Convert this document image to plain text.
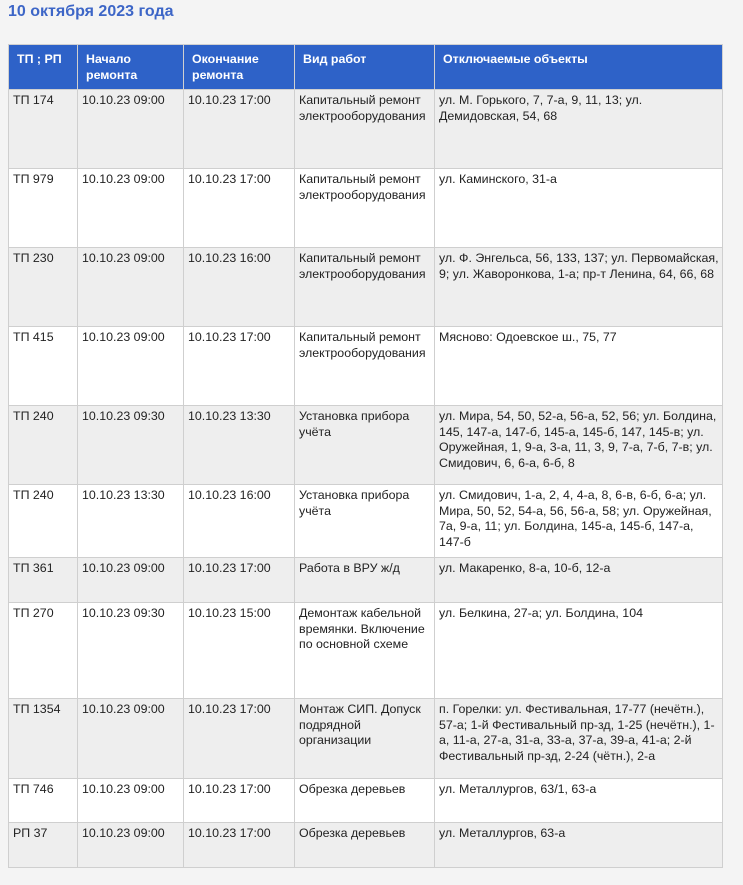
10 октября 2023 года
ТП ; РП	Начало ремонта	Окончание ремонта	Вид работ	Отключаемые объекты
ТП 174	10.10.23 09:00	10.10.23 17:00	Капитальный ремонт электрооборудования	ул. М. Горького, 7, 7-а, 9, 11, 13; ул. Демидовская, 54, 68
ТП 979	10.10.23 09:00	10.10.23 17:00	Капитальный ремонт электрооборудования	ул. Каминского, 31-а
ТП 230	10.10.23 09:00	10.10.23 16:00	Капитальный ремонт электрооборудования	ул. Ф. Энгельса, 56, 133, 137; ул. Первомайская, 9; ул. Жаворонкова, 1-а; пр-т Ленина, 64, 66, 68
ТП 415	10.10.23 09:00	10.10.23 17:00	Капитальный ремонт электрооборудования	Мясново: Одоевское ш., 75, 77
ТП 240	10.10.23 09:30	10.10.23 13:30	Установка прибора учёта	ул. Мира, 54, 50, 52-а, 56-а, 52, 56; ул. Болдина, 145, 147-а, 147-б, 145-а, 145-б, 147, 145-в; ул. Оружейная, 1, 9-а, 3-а, 11, 3, 9, 7-а, 7-б, 7-в; ул. Смидович, 6, 6-а, 6-б, 8
ТП 240	10.10.23 13:30	10.10.23 16:00	Установка прибора учёта	ул. Смидович, 1-а, 2, 4, 4-а, 8, 6-в, 6-б, 6-а; ул. Мира, 50, 52, 54-а, 56, 56-а, 58; ул. Оружейная, 7а, 9-а, 11; ул. Болдина, 145-а, 145-б, 147-а, 147-б
ТП 361	10.10.23 09:00	10.10.23 17:00	Работа в ВРУ ж/д	ул. Макаренко, 8-а, 10-б, 12-а
ТП 270	10.10.23 09:30	10.10.23 15:00	Демонтаж кабельной времянки. Включение по основной схеме	ул. Белкина, 27-а; ул. Болдина, 104
ТП 1354	10.10.23 09:00	10.10.23 17:00	Монтаж СИП. Допуск подрядной организации	п. Горелки: ул. Фестивальная, 17-77 (нечётн.), 57-а; 1-й Фестивальный пр-зд, 1-25 (нечётн.), 1-а, 11-а, 27-а, 31-а, 33-а, 37-а, 39-а, 41-а; 2-й Фестивальный пр-зд, 2-24 (чётн.), 2-а
ТП 746	10.10.23 09:00	10.10.23 17:00	Обрезка деревьев	ул. Металлургов, 63/1, 63-а
РП 37	10.10.23 09:00	10.10.23 17:00	Обрезка деревьев	ул. Металлургов, 63-а
